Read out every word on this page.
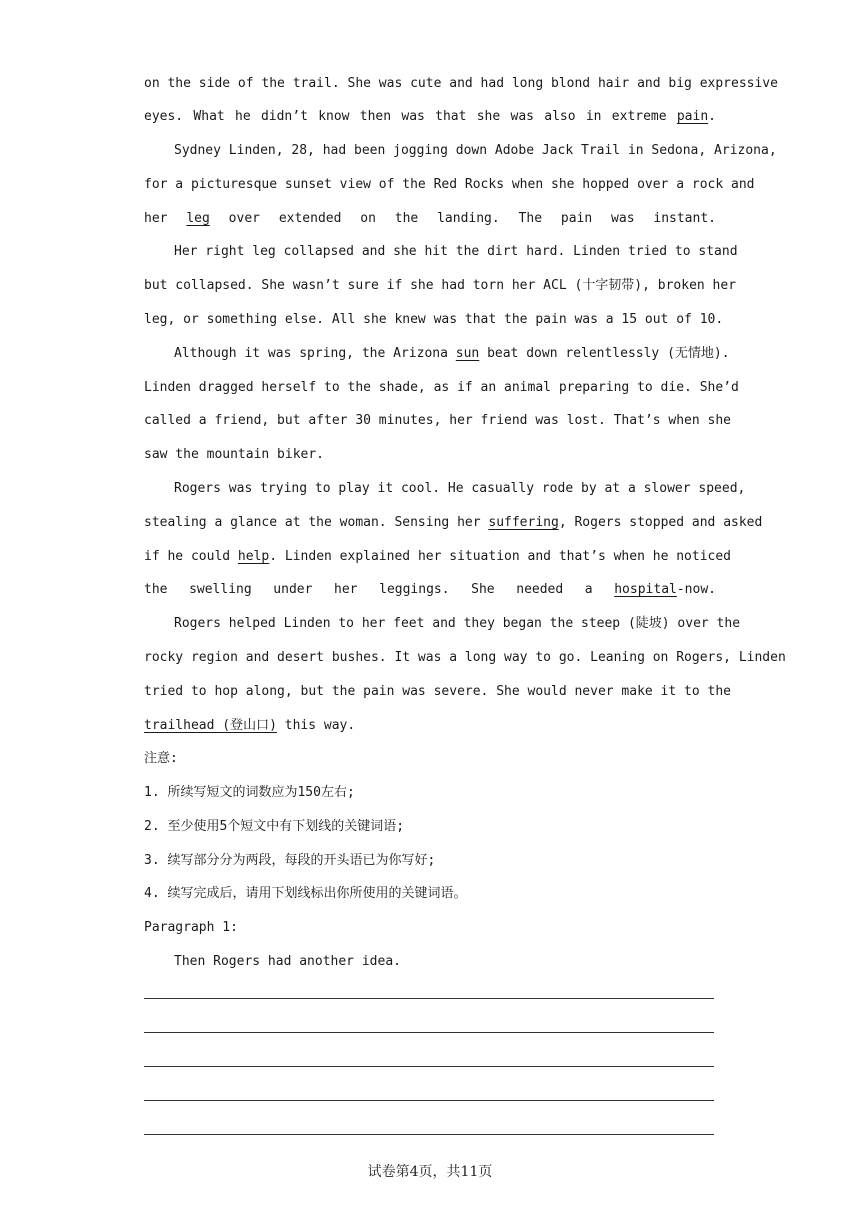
on the side of the trail. She was cute and had long blond hair and big expressive
eyes. What he didn’t know then was that she was also in extreme pain.
Sydney Linden, 28, had been jogging down Adobe Jack Trail in Sedona, Arizona,
for a picturesque sunset view of the Red Rocks when she hopped over a rock and
her leg over extended on the landing. The pain was instant.
Her right leg collapsed and she hit the dirt hard. Linden tried to stand
but collapsed. She wasn’t sure if she had torn her ACL (十字韧带), broken her
leg, or something else. All she knew was that the pain was a 15 out of 10.
Although it was spring, the Arizona sun beat down relentlessly (无情地).
Linden dragged herself to the shade, as if an animal preparing to die. She’d
called a friend, but after 30 minutes, her friend was lost. That’s when she
saw the mountain biker.
Rogers was trying to play it cool. He casually rode by at a slower speed,
stealing a glance at the woman. Sensing her suffering, Rogers stopped and asked
if he could help. Linden explained her situation and that’s when he noticed
the swelling under her leggings. She needed a hospital-now.
Rogers helped Linden to her feet and they began the steep (陡坡) over the
rocky region and desert bushes. It was a long way to go. Leaning on Rogers, Linden
tried to hop along, but the pain was severe. She would never make it to the
trailhead (登山口) this way.
注意:
1. 所续写短文的词数应为150左右;
2. 至少使用5个短文中有下划线的关键词语;
3. 续写部分分为两段，每段的开头语已为你写好;
4. 续写完成后，请用下划线标出你所使用的关键词语。
Paragraph 1:
Then Rogers had another idea.
试卷第4页，共11页
